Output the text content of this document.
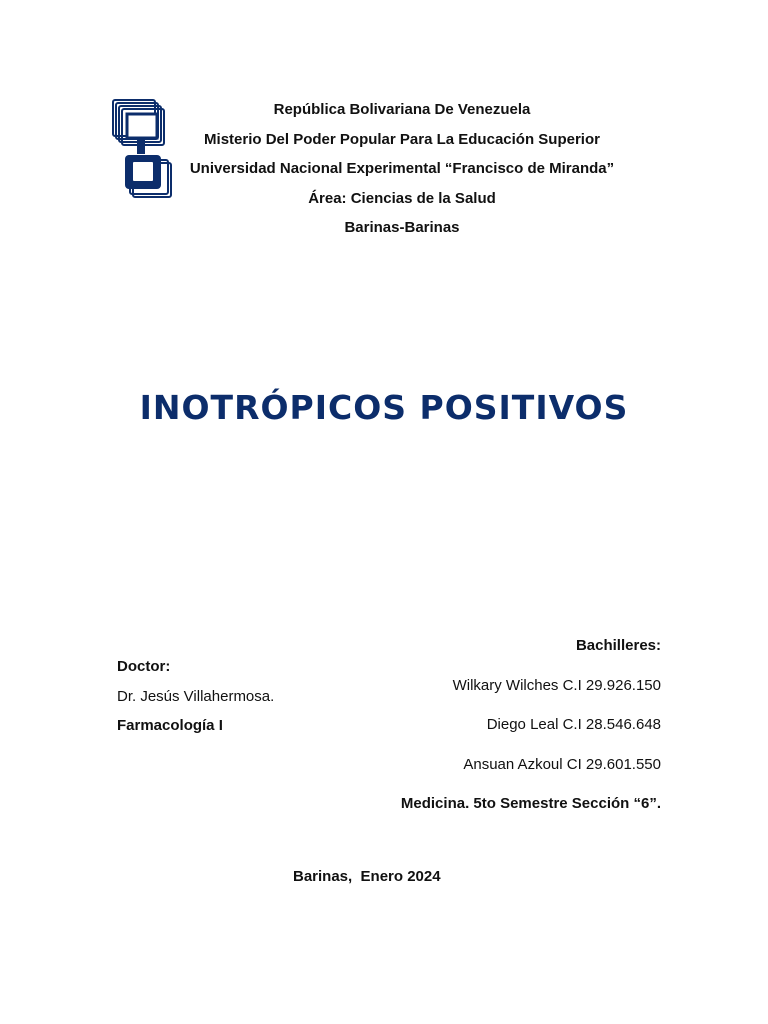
República Bolivariana De Venezuela
Misterio Del Poder Popular Para La Educación Superior
Universidad Nacional Experimental “Francisco de Miranda”
Área: Ciencias de la Salud
Barinas-Barinas
INOTRÓPICOS POSITIVOS
Doctor:
Dr. Jesús Villahermosa.
Farmacología I
Bachilleres:
Wilkary Wilches C.I 29.926.150
Diego Leal C.I 28.546.648
Ansuan Azkoul CI 29.601.550
Medicina. 5to Semestre Sección “6”.
Barinas,  Enero 2024
